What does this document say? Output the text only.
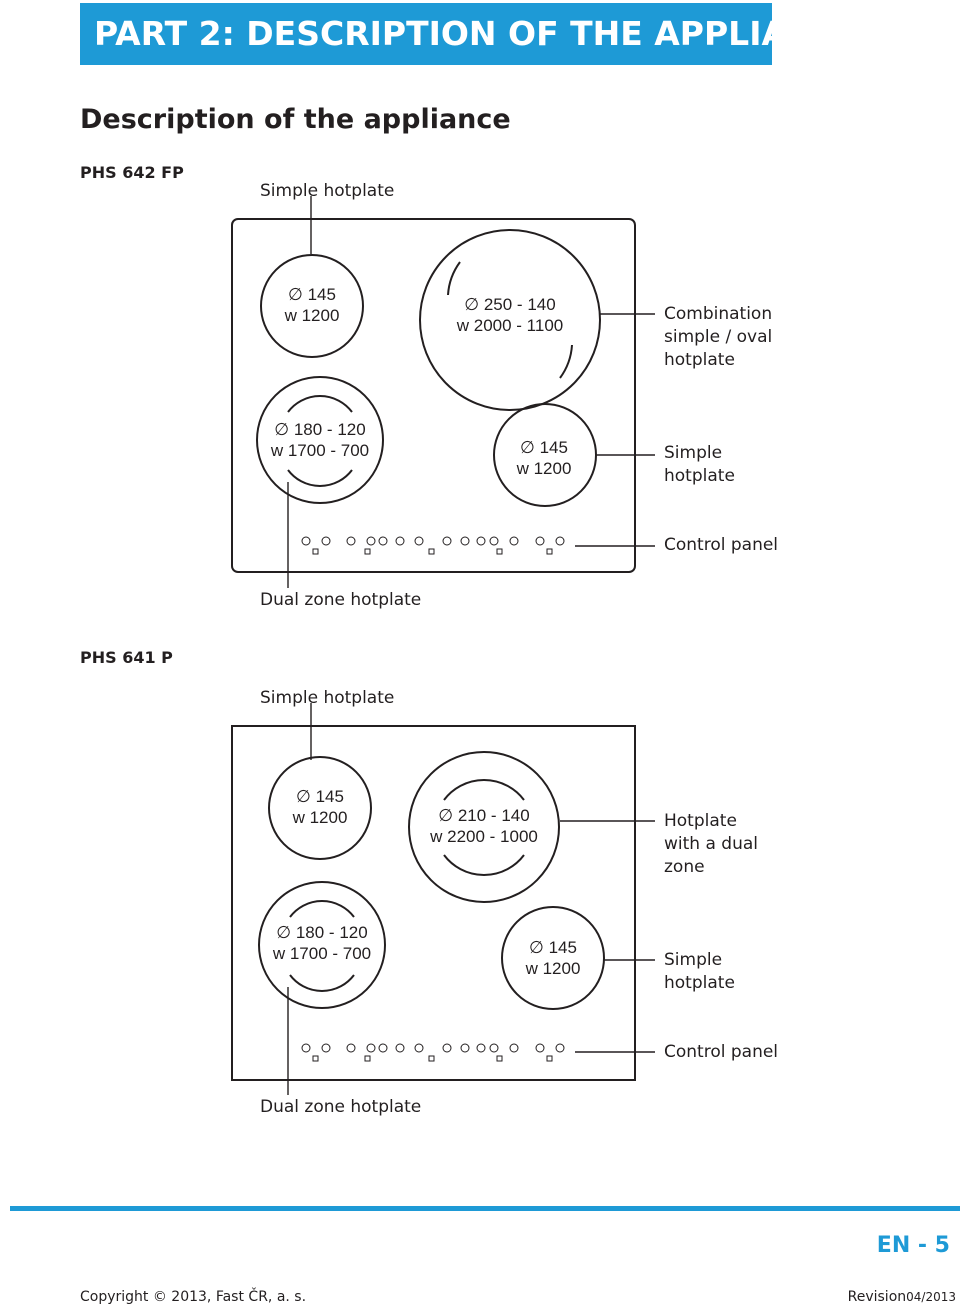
PART 2: DESCRIPTION OF THE APPLIANCE
Description of the appliance
PHS 642 FP
Simple hotplate
∅ 145
w 1200
∅ 250 - 140
w 2000 - 1100
∅ 180 - 120
w 1700 - 700	∅ 145
w 1200
Combination
simple / oval
hotplate
Simple
hotplate
Control panel
Dual zone hotplate
PHS 641 P
Simple hotplate
∅ 145
w 1200	∅ 210 - 140
w 2200 - 1000
∅ 180 - 120
w 1700 - 700	∅ 145
w 1200
Hotplate
with a dual
zone
Simple
hotplate
Control panel
Dual zone hotplate
EN - 5
Copyright © 2013, Fast ČR, a. s.	Revision04/2013
